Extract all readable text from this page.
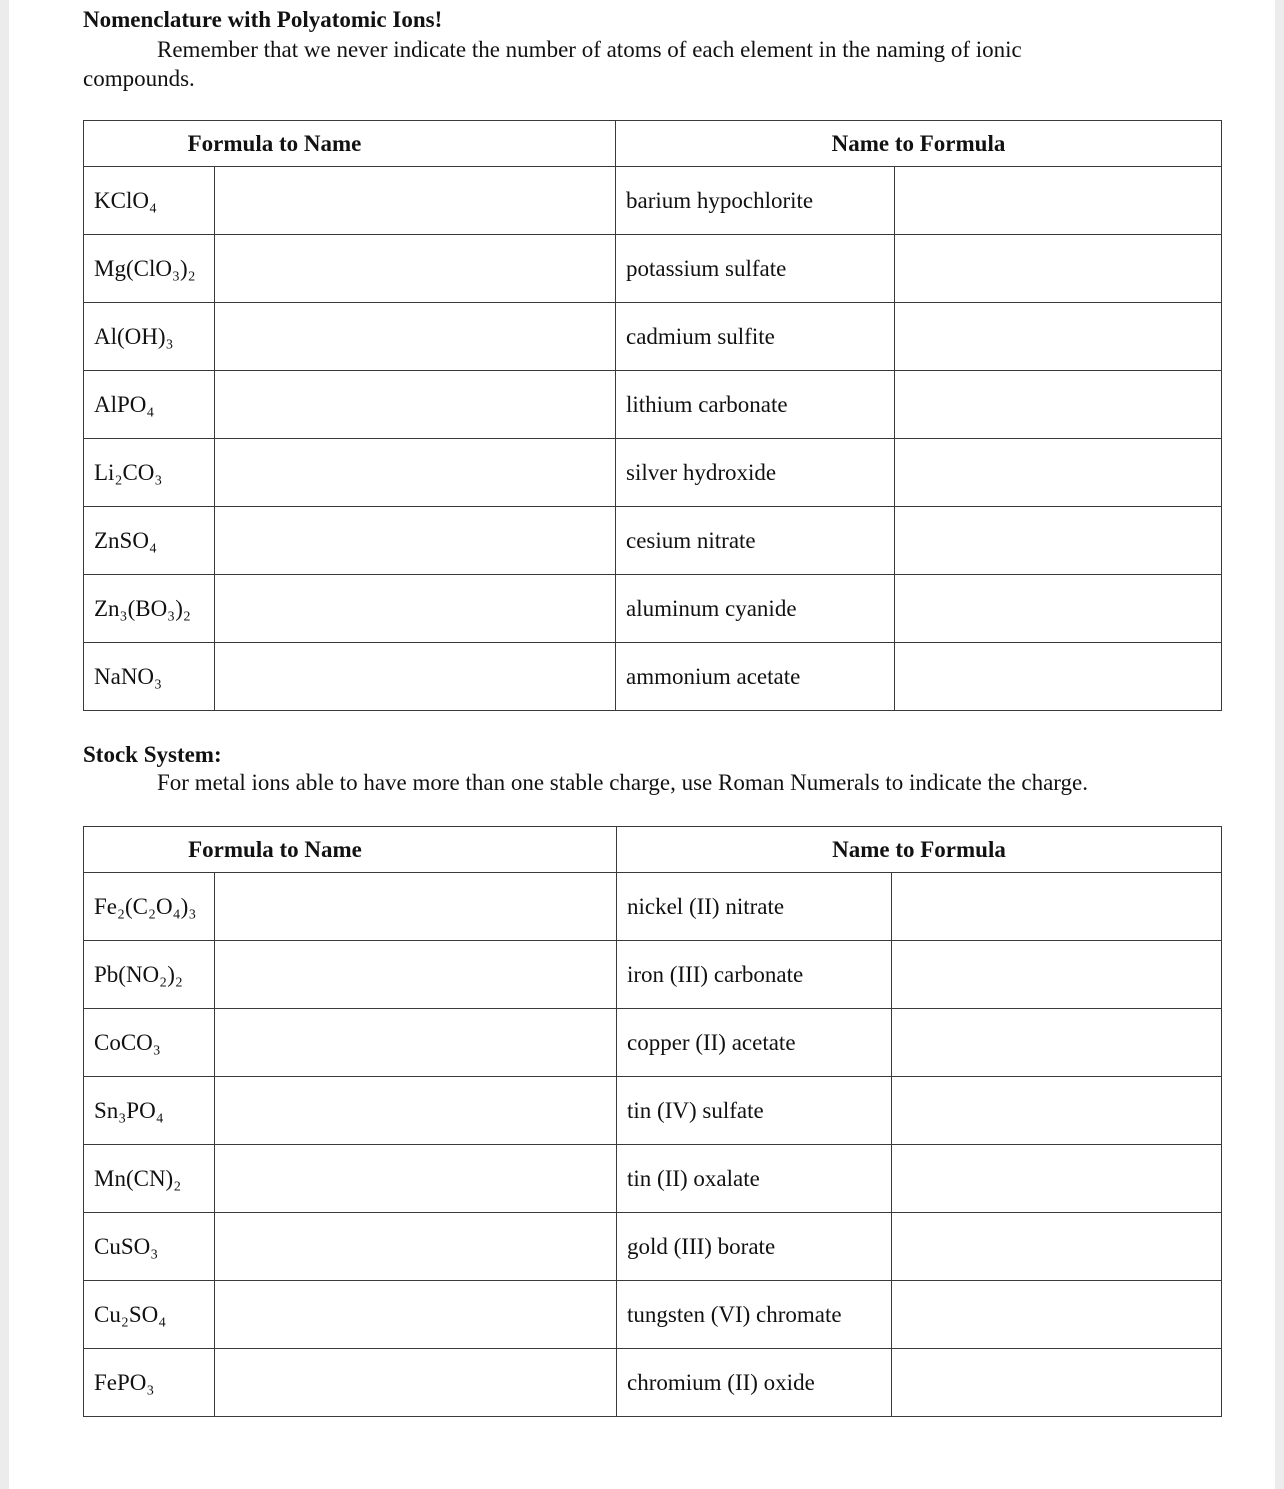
Nomenclature with Polyatomic Ions!
Remember that we never indicate the number of atoms of each element in the naming of ionic compounds.
Formula to Name		Name to Formula	
KClO₄		barium hypochlorite	
Mg(ClO₃)₂		potassium sulfate	
Al(OH)₃		cadmium sulfite	
AlPO₄		lithium carbonate	
Li₂CO₃		silver hydroxide	
ZnSO₄		cesium nitrate	
Zn₃(BO₃)₂		aluminum cyanide	
NaNO₃		ammonium acetate	
Stock System:
For metal ions able to have more than one stable charge, use Roman Numerals to indicate the charge.
Formula to Name		Name to Formula	
Fe₂(C₂O₄)₃		nickel (II) nitrate	
Pb(NO₂)₂		iron (III) carbonate	
CoCO₃		copper (II) acetate	
Sn₃PO₄		tin (IV) sulfate	
Mn(CN)₂		tin (II) oxalate	
CuSO₃		gold (III) borate	
Cu₂SO₄		tungsten (VI) chromate	
FePO₃		chromium (II) oxide	
